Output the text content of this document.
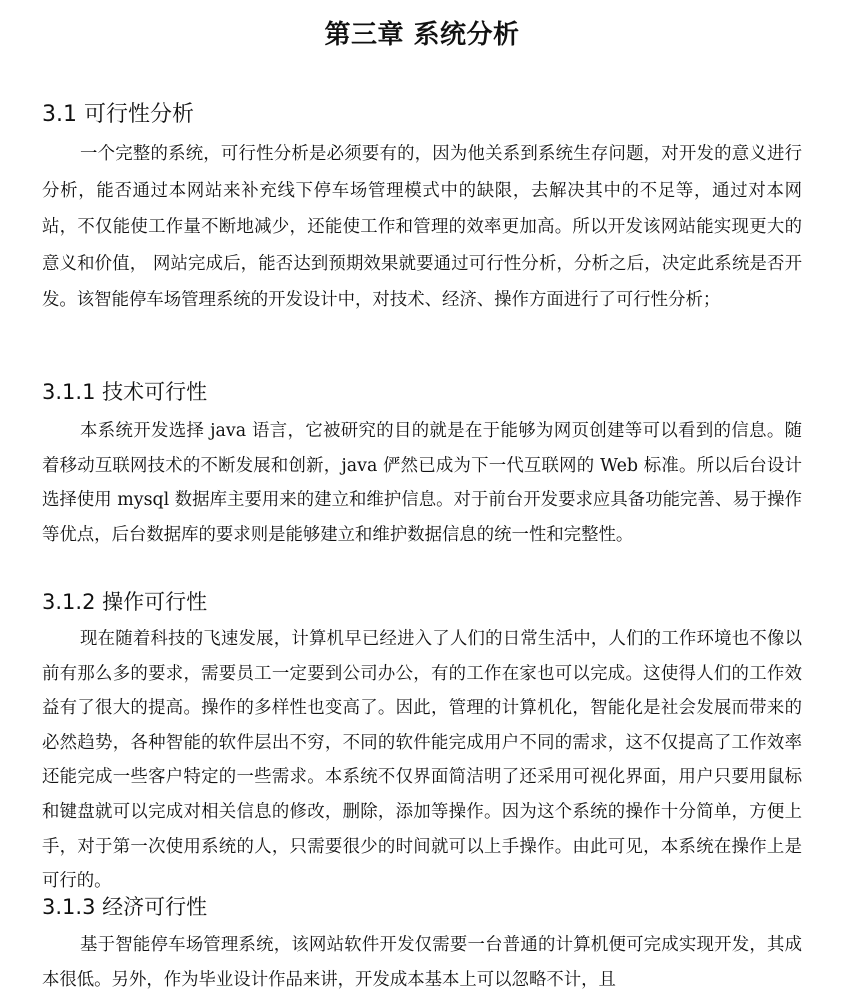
第三章 系统分析
3.1 可行性分析

一个完整的系统，可行性分析是必须要有的，因为他关系到系统生存问题，对开发的意义进行分析，能否通过本网站来补充线下停车场管理模式中的缺限，去解决其中的不足等，通过对本网站，不仅能使工作量不断地减少，还能使工作和管理的效率更加高。所以开发该网站能实现更大的意义和价值， 网站完成后，能否达到预期效果就要通过可行性分析，分析之后，决定此系统是否开发。该智能停车场管理系统的开发设计中，对技术、经济、操作方面进行了可行性分析；

3.1.1 技术可行性

本系统开发选择 java 语言，它被研究的目的就是在于能够为网页创建等可以看到的信息。随着移动互联网技术的不断发展和创新，java 俨然已成为下一代互联网的 Web 标准。所以后台设计选择使用 mysql 数据库主要用来的建立和维护信息。对于前台开发要求应具备功能完善、易于操作等优点，后台数据库的要求则是能够建立和维护数据信息的统一性和完整性。

3.1.2 操作可行性

现在随着科技的飞速发展，计算机早已经进入了人们的日常生活中，人们的工作环境也不像以前有那么多的要求，需要员工一定要到公司办公，有的工作在家也可以完成。这使得人们的工作效益有了很大的提高。操作的多样性也变高了。因此，管理的计算机化，智能化是社会发展而带来的必然趋势，各种智能的软件层出不穷，不同的软件能完成用户不同的需求，这不仅提高了工作效率还能完成一些客户特定的一些需求。本系统不仅界面简洁明了还采用可视化界面，用户只要用鼠标和键盘就可以完成对相关信息的修改，删除，添加等操作。因为这个系统的操作十分简单，方便上手，对于第一次使用系统的人，只需要很少的时间就可以上手操作。由此可见，本系统在操作上是可行的。

3.1.3 经济可行性

基于智能停车场管理系统，该网站软件开发仅需要一台普通的计算机便可完成实现开发，其成本很低。另外，作为毕业设计作品来讲，开发成本基本上可以忽略不计，且
